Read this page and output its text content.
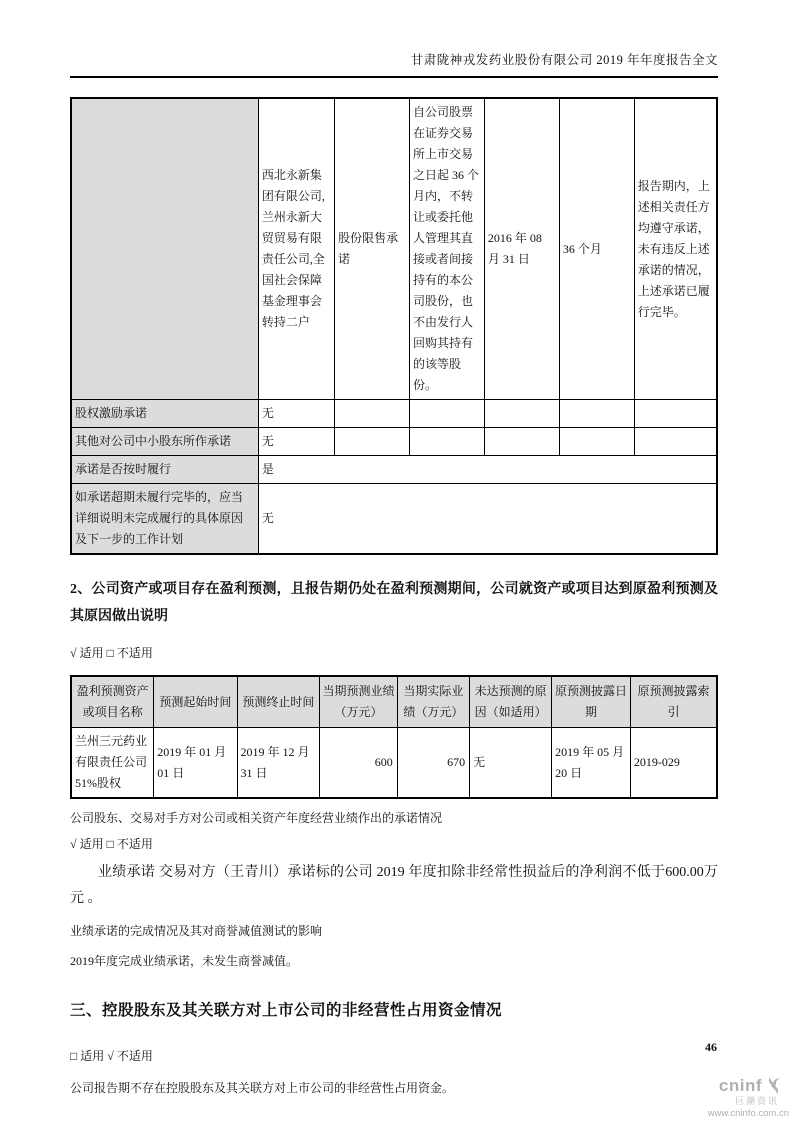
甘肃陇神戎发药业股份有限公司 2019 年年度报告全文
	西北永新集团有限公司,兰州永新大贸贸易有限责任公司,全国社会保障基金理事会转持二户	股份限售承诺	自公司股票在证券交易所上市交易之日起 36 个月内，不转让或委托他人管理其直接或者间接持有的本公司股份，也不由发行人回购其持有的该等股份。	2016 年 08 月 31 日	36 个月	报告期内，上述相关责任方均遵守承诺，未有违反上述承诺的情况，上述承诺已履行完毕。
股权激励承诺	无					
其他对公司中小股东所作承诺	无					
承诺是否按时履行	是					
如承诺超期未履行完毕的，应当详细说明未完成履行的具体原因及下一步的工作计划	无					
2、公司资产或项目存在盈利预测，且报告期仍处在盈利预测期间，公司就资产或项目达到原盈利预测及其原因做出说明
√ 适用 □ 不适用
盈利预测资产或项目名称	预测起始时间	预测终止时间	当期预测业绩（万元）	当期实际业绩（万元）	未达预测的原因（如适用）	原预测披露日期	原预测披露索引
兰州三元药业有限责任公司51%股权	2019 年 01 月 01 日	2019 年 12 月 31 日	600	670	无	2019 年 05 月 20 日	2019-029
公司股东、交易对手方对公司或相关资产年度经营业绩作出的承诺情况
√ 适用 □ 不适用
业绩承诺 交易对方（王青川）承诺标的公司 2019 年度扣除非经常性损益后的净利润不低于600.00万元 。
业绩承诺的完成情况及其对商誉减值测试的影响
2019年度完成业绩承诺，未发生商誉减值。
三、控股股东及其关联方对上市公司的非经营性占用资金情况
□ 适用 √ 不适用
公司报告期不存在控股股东及其关联方对上市公司的非经营性占用资金。
46
cninf
巨潮资讯
www.cninfo.com.cn
